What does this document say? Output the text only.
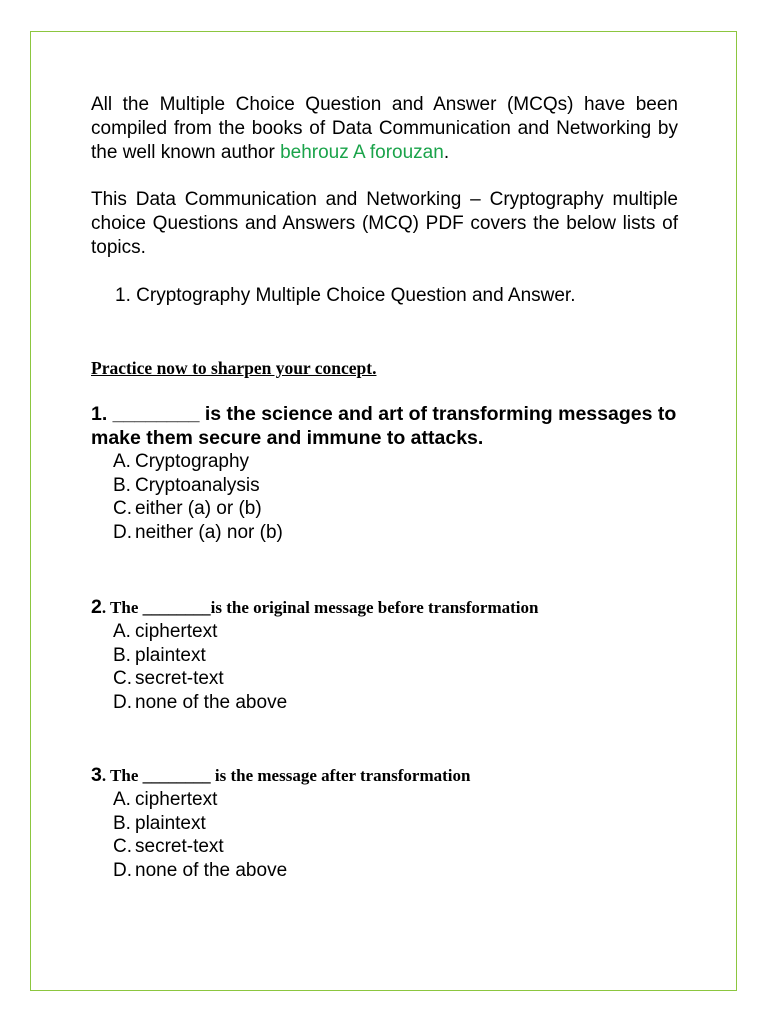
All the Multiple Choice Question and Answer (MCQs) have been compiled from the books of Data Communication and Networking by the well known author behrouz A forouzan.

This Data Communication and Networking – Cryptography multiple choice Questions and Answers (MCQ) PDF covers the below lists of topics.

1. Cryptography Multiple Choice Question and Answer.

Practice now to sharpen your concept.

1. ________ is the science and art of transforming messages to make them secure and immune to attacks.

A. Cryptography
B. Cryptoanalysis
C. either (a) or (b)
D. neither (a) nor (b)

2. The ________is the original message before transformation

A. ciphertext
B. plaintext
C. secret-text
D. none of the above

3. The ________ is the message after transformation

A. ciphertext
B. plaintext
C. secret-text
D. none of the above
